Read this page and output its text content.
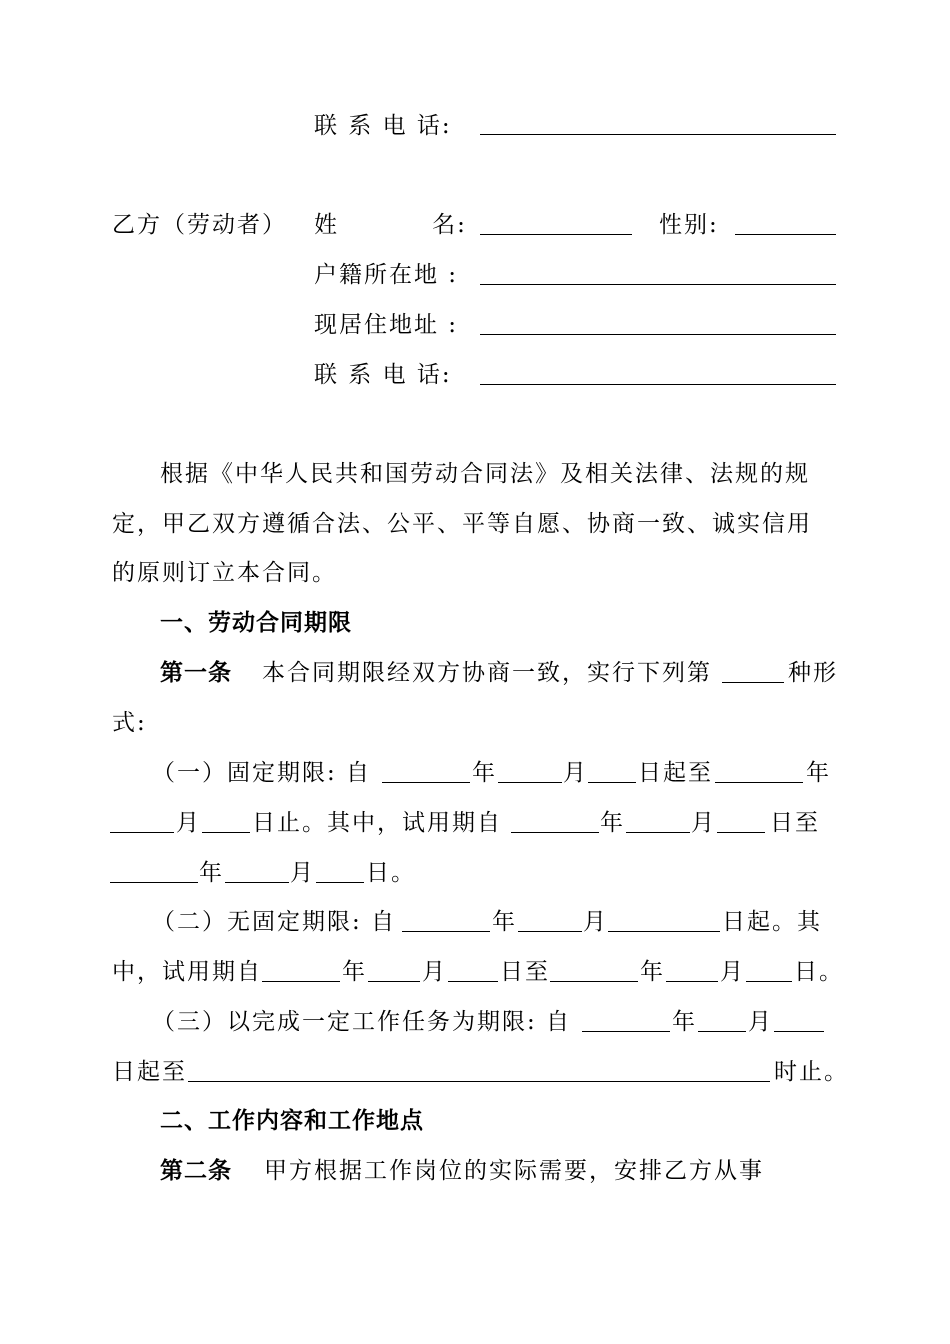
联 系 电 话:
乙方（劳动者） 姓          名:	性别:
户籍所在地 :
现居住地址 :
联 系 电 话:
根据《中华人民共和国劳动合同法》及相关法律、法规的规
定，甲乙双方遵循合法、公平、平等自愿、协商一致、诚实信用
的原则订立本合同。
一、劳动合同期限
第一条 本合同期限经双方协商一致，实行下列第	种形
式:
（一）固定期限: 自	年	月 日起至	年
月 日止。其中，试用期自	年	月 日至
年	月 日。
（二）无固定期限: 自	年	月	日起。其
中，试用期自	年 月 日至	年 月 日。
（三）以完成一定工作任务为期限: 自	年 月
日起至	时止。
二、工作内容和工作地点
第二条 甲方根据工作岗位的实际需要，安排乙方从事
